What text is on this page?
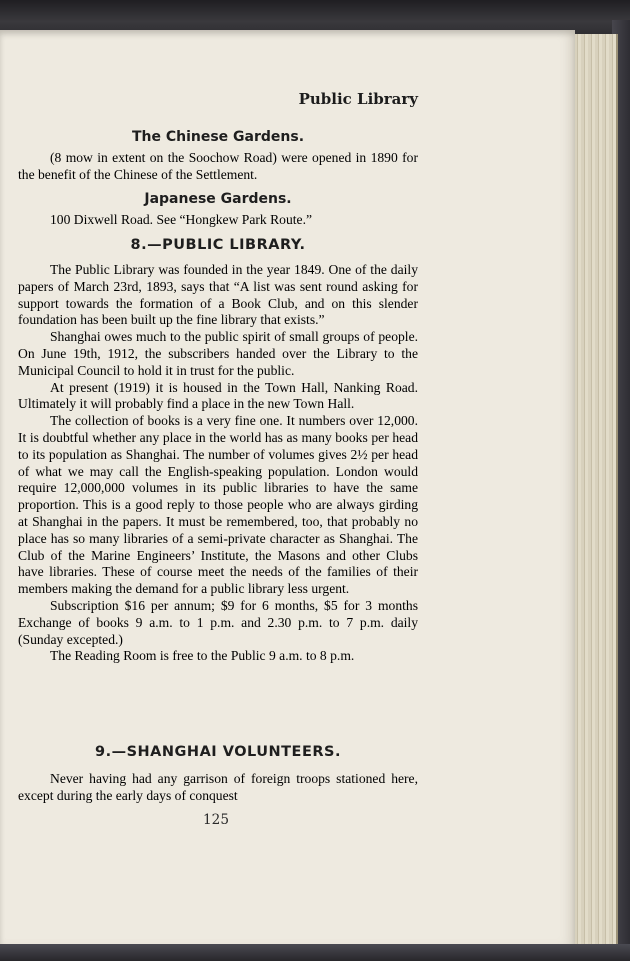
Public Library
The Chinese Gardens.

(8 mow in extent on the Soochow Road) were opened in 1890 for the benefit of the Chinese of the Settlement.

Japanese Gardens.

100 Dixwell Road. See “Hongkew Park Route.”

8.—PUBLIC LIBRARY.

The Public Library was founded in the year 1849. One of the daily papers of March 23rd, 1893, says that “A list was sent round asking for support towards the formation of a Book Club, and on this slender foundation has been built up the fine library that exists.”

Shanghai owes much to the public spirit of small groups of people. On June 19th, 1912, the subscribers handed over the Library to the Municipal Council to hold it in trust for the public.

At present (1919) it is housed in the Town Hall, Nanking Road. Ultimately it will probably find a place in the new Town Hall.

The collection of books is a very fine one. It numbers over 12,000. It is doubtful whether any place in the world has as many books per head to its population as Shanghai. The number of volumes gives 2½ per head of what we may call the English-speaking population. London would require 12,000,000 volumes in its public libraries to have the same proportion. This is a good reply to those people who are always girding at Shanghai in the papers. It must be remembered, too, that probably no place has so many libraries of a semi-private character as Shanghai. The Club of the Marine Engineers’ Institute, the Masons and other Clubs have libraries. These of course meet the needs of the families of their members making the demand for a public library less urgent.

Subscription $16 per annum; $9 for 6 months, $5 for 3 months Exchange of books 9 a.m. to 1 p.m. and 2.30 p.m. to 7 p.m. daily (Sunday excepted.)

The Reading Room is free to the Public 9 a.m. to 8 p.m.

9.—SHANGHAI VOLUNTEERS.

Never having had any garrison of foreign troops stationed here, except during the early days of conquest

125
